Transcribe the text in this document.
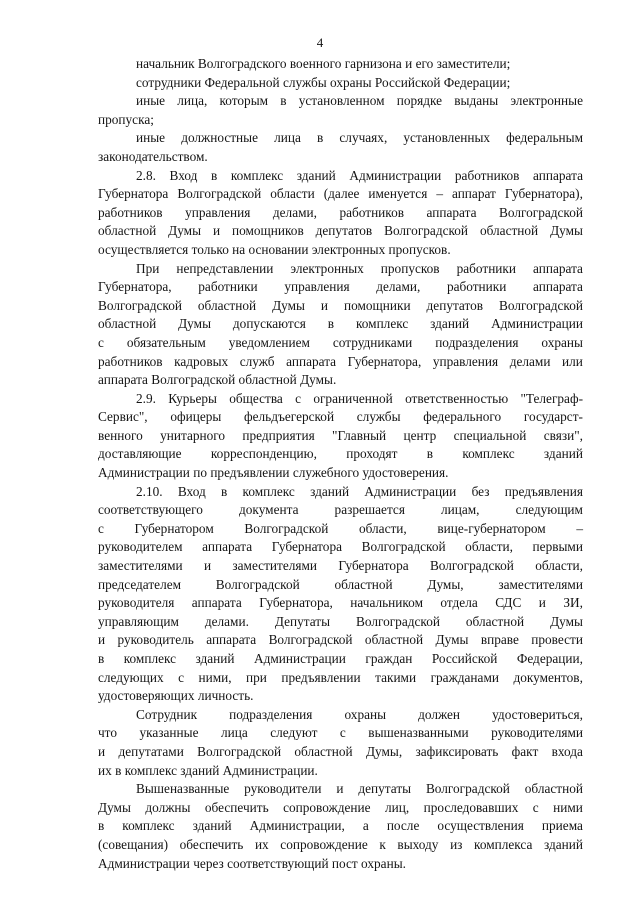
4
начальник Волгоградского военного гарнизона и его заместители;
сотрудники Федеральной службы охраны Российской Федерации;
иные лица, которым в установленном порядке выданы электронные
пропуска;
иные должностные лица в случаях, установленных федеральным
законодательством.
2.8. Вход в комплекс зданий Администрации работников аппарата
Губернатора Волгоградской области (далее именуется – аппарат Губернатора),
работников управления делами, работников аппарата Волгоградской
областной Думы и помощников депутатов Волгоградской областной Думы
осуществляется только на основании электронных пропусков.
При непредставлении электронных пропусков работники аппарата
Губернатора, работники управления делами, работники аппарата
Волгоградской областной Думы и помощники депутатов Волгоградской
областной Думы допускаются в комплекс зданий Администрации
с обязательным уведомлением сотрудниками подразделения охраны
работников кадровых служб аппарата Губернатора, управления делами или
аппарата Волгоградской областной Думы.
2.9. Курьеры общества с ограниченной ответственностью "Телеграф-
Сервис", офицеры фельдъегерской службы федерального государст-
венного унитарного предприятия "Главный центр специальной связи",
доставляющие корреспонденцию, проходят в комплекс зданий
Администрации по предъявлении служебного удостоверения.
2.10. Вход в комплекс зданий Администрации без предъявления
соответствующего	документа	разрешается	лицам,	следующим
с Губернатором Волгоградской области, вице-губернатором –
руководителем аппарата Губернатора Волгоградской области, первыми
заместителями и заместителями Губернатора Волгоградской области,
председателем	Волгоградской	областной	Думы,	заместителями
руководителя аппарата Губернатора, начальником отдела СДС и ЗИ,
управляющим делами. Депутаты Волгоградской областной Думы
и руководитель аппарата Волгоградской областной Думы вправе провести
в комплекс зданий Администрации граждан Российской Федерации,
следующих с ними, при предъявлении такими гражданами документов,
удостоверяющих личность.
Сотрудник подразделения охраны должен удостовериться,
что указанные лица следуют с вышеназванными руководителями
и депутатами Волгоградской областной Думы, зафиксировать факт входа
их в комплекс зданий Администрации.
Вышеназванные руководители и депутаты Волгоградской областной
Думы должны обеспечить сопровождение лиц, проследовавших с ними
в комплекс зданий Администрации, а после осуществления приема
(совещания) обеспечить их сопровождение к выходу из комплекса зданий
Администрации через соответствующий пост охраны.
